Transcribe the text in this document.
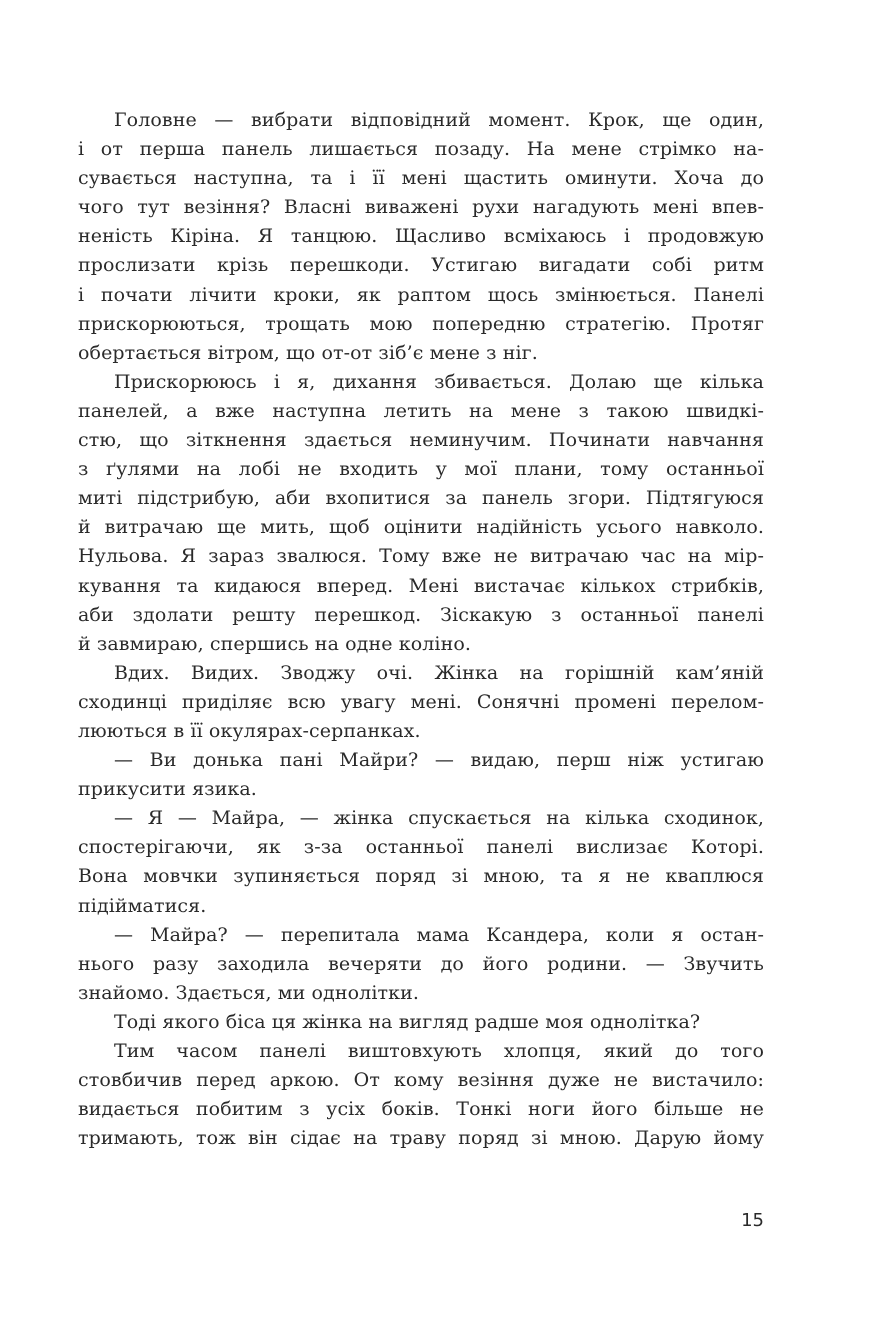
Головне — вибрати відповідний момент. Крок, ще один,
і от перша панель лишається позаду. На мене стрімко на-
сувається наступна, та і її мені щастить оминути. Хоча до
чого тут везіння? Власні виважені рухи нагадують мені впев-
неність Кіріна. Я танцюю. Щасливо всміхаюсь і продовжую
прослизати крізь перешкоди. Устигаю вигадати собі ритм
і почати лічити кроки, як раптом щось змінюється. Панелі
прискорюються, трощать мою попередню стратегію. Протяг
обертається вітром, що от-от зіб’є мене з ніг.
Прискорююсь і я, дихання збивається. Долаю ще кілька
панелей, а вже наступна летить на мене з такою швидкі-
стю, що зіткнення здається неминучим. Починати навчання
з ґулями на лобі не входить у мої плани, тому останньої
миті підстрибую, аби вхопитися за панель згори. Підтягуюся
й витрачаю ще мить, щоб оцінити надійність усього навколо.
Нульова. Я зараз звалюся. Тому вже не витрачаю час на мір-
кування та кидаюся вперед. Мені вистачає кількох стрибків,
аби здолати решту перешкод. Зіскакую з останньої панелі
й завмираю, спершись на одне коліно.
Вдих. Видих. Зводжу очі. Жінка на горішній кам’яній
сходинці приділяє всю увагу мені. Сонячні промені перелом-
люються в її окулярах-серпанках.
— Ви донька пані Майри? — видаю, перш ніж устигаю
прикусити язика.
— Я — Майра, — жінка спускається на кілька сходинок,
спостерігаючи, як з-за останньої панелі вислизає Которі.
Вона мовчки зупиняється поряд зі мною, та я не кваплюся
підійматися.
— Майра? — перепитала мама Ксандера, коли я остан-
нього разу заходила вечеряти до його родини. — Звучить
знайомо. Здається, ми однолітки.
Тоді якого біса ця жінка на вигляд радше моя однолітка?
Тим часом панелі виштовхують хлопця, який до того
стовбичив перед аркою. От кому везіння дуже не вистачило:
видається побитим з усіх боків. Тонкі ноги його більше не
тримають, тож він сідає на траву поряд зі мною. Дарую йому
15
